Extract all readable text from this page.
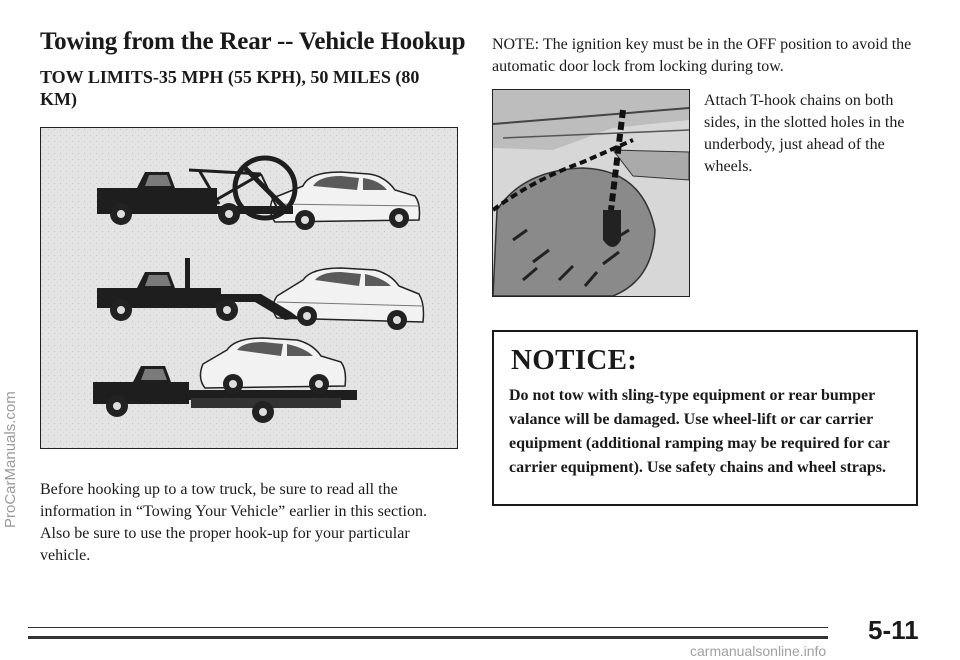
Towing from the Rear -- Vehicle Hookup
TOW LIMITS-35 MPH (55 KPH), 50 MILES (80 KM)
Before hooking up to a tow truck, be sure to read all the information in “Towing Your Vehicle” earlier in this section. Also be sure to use the proper hook-up for your particular vehicle.
NOTE: The ignition key must be in the OFF position to avoid the automatic door lock from locking during tow.
Attach T-hook chains on both sides, in the slotted holes in the underbody, just ahead of the wheels.
NOTICE:
Do not tow with sling-type equipment or rear bumper valance will be damaged. Use wheel-lift or car carrier equipment (additional ramping may be required for car carrier equipment). Use safety chains and wheel straps.
ProCarManuals.com
5-11
carmanualsonline.info
